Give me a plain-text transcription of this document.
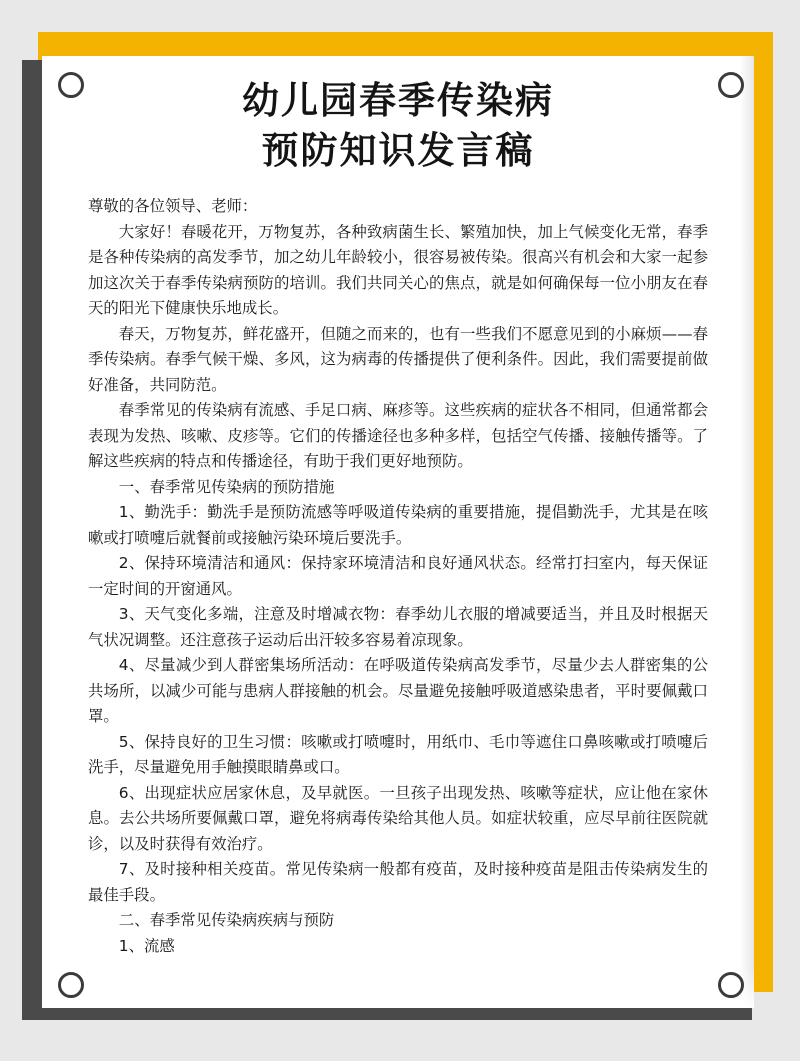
幼儿园春季传染病
预防知识发言稿

尊敬的各位领导、老师：

大家好！春暖花开，万物复苏，各种致病菌生长、繁殖加快，加上气候变化无常，春季是各种传染病的高发季节，加之幼儿年龄较小，很容易被传染。很高兴有机会和大家一起参加这次关于春季传染病预防的培训。我们共同关心的焦点，就是如何确保每一位小朋友在春天的阳光下健康快乐地成长。

春天，万物复苏，鲜花盛开，但随之而来的，也有一些我们不愿意见到的小麻烦——春季传染病。春季气候干燥、多风，这为病毒的传播提供了便利条件。因此，我们需要提前做好准备，共同防范。

春季常见的传染病有流感、手足口病、麻疹等。这些疾病的症状各不相同，但通常都会表现为发热、咳嗽、皮疹等。它们的传播途径也多种多样，包括空气传播、接触传播等。了解这些疾病的特点和传播途径，有助于我们更好地预防。

一、春季常见传染病的预防措施

1、勤洗手：勤洗手是预防流感等呼吸道传染病的重要措施，提倡勤洗手，尤其是在咳嗽或打喷嚏后就餐前或接触污染环境后要洗手。

2、保持环境清洁和通风：保持家环境清洁和良好通风状态。经常打扫室内，每天保证一定时间的开窗通风。

3、天气变化多端，注意及时增减衣物：春季幼儿衣服的增减要适当，并且及时根据天气状况调整。还注意孩子运动后出汗较多容易着凉现象。

4、尽量减少到人群密集场所活动：在呼吸道传染病高发季节，尽量少去人群密集的公共场所，以减少可能与患病人群接触的机会。尽量避免接触呼吸道感染患者，平时要佩戴口罩。

5、保持良好的卫生习惯：咳嗽或打喷嚏时，用纸巾、毛巾等遮住口鼻咳嗽或打喷嚏后洗手，尽量避免用手触摸眼睛鼻或口。

6、出现症状应居家休息，及早就医。一旦孩子出现发热、咳嗽等症状，应让他在家休息。去公共场所要佩戴口罩，避免将病毒传染给其他人员。如症状较重，应尽早前往医院就诊，以及时获得有效治疗。

7、及时接种相关疫苗。常见传染病一般都有疫苗，及时接种疫苗是阻击传染病发生的最佳手段。

二、春季常见传染病疾病与预防

1、流感
